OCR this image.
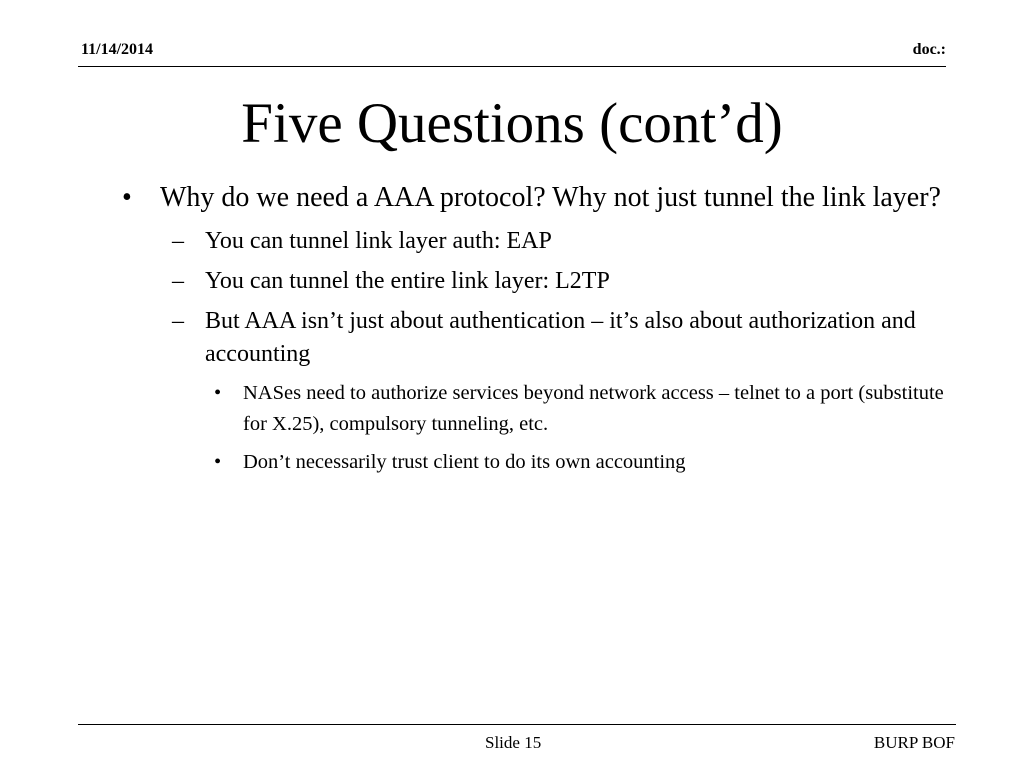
11/14/2014	doc.:
Five Questions (cont’d)
• Why do we need a AAA protocol? Why not just tunnel the link layer?
– You can tunnel link layer auth: EAP
– You can tunnel the entire link layer: L2TP
– But AAA isn’t just about authentication – it’s also about authorization and accounting
• NASes need to authorize services beyond network access – telnet to a port (substitute for X.25), compulsory tunneling, etc.
• Don’t necessarily trust client to do its own accounting
Slide 15	BURP BOF
